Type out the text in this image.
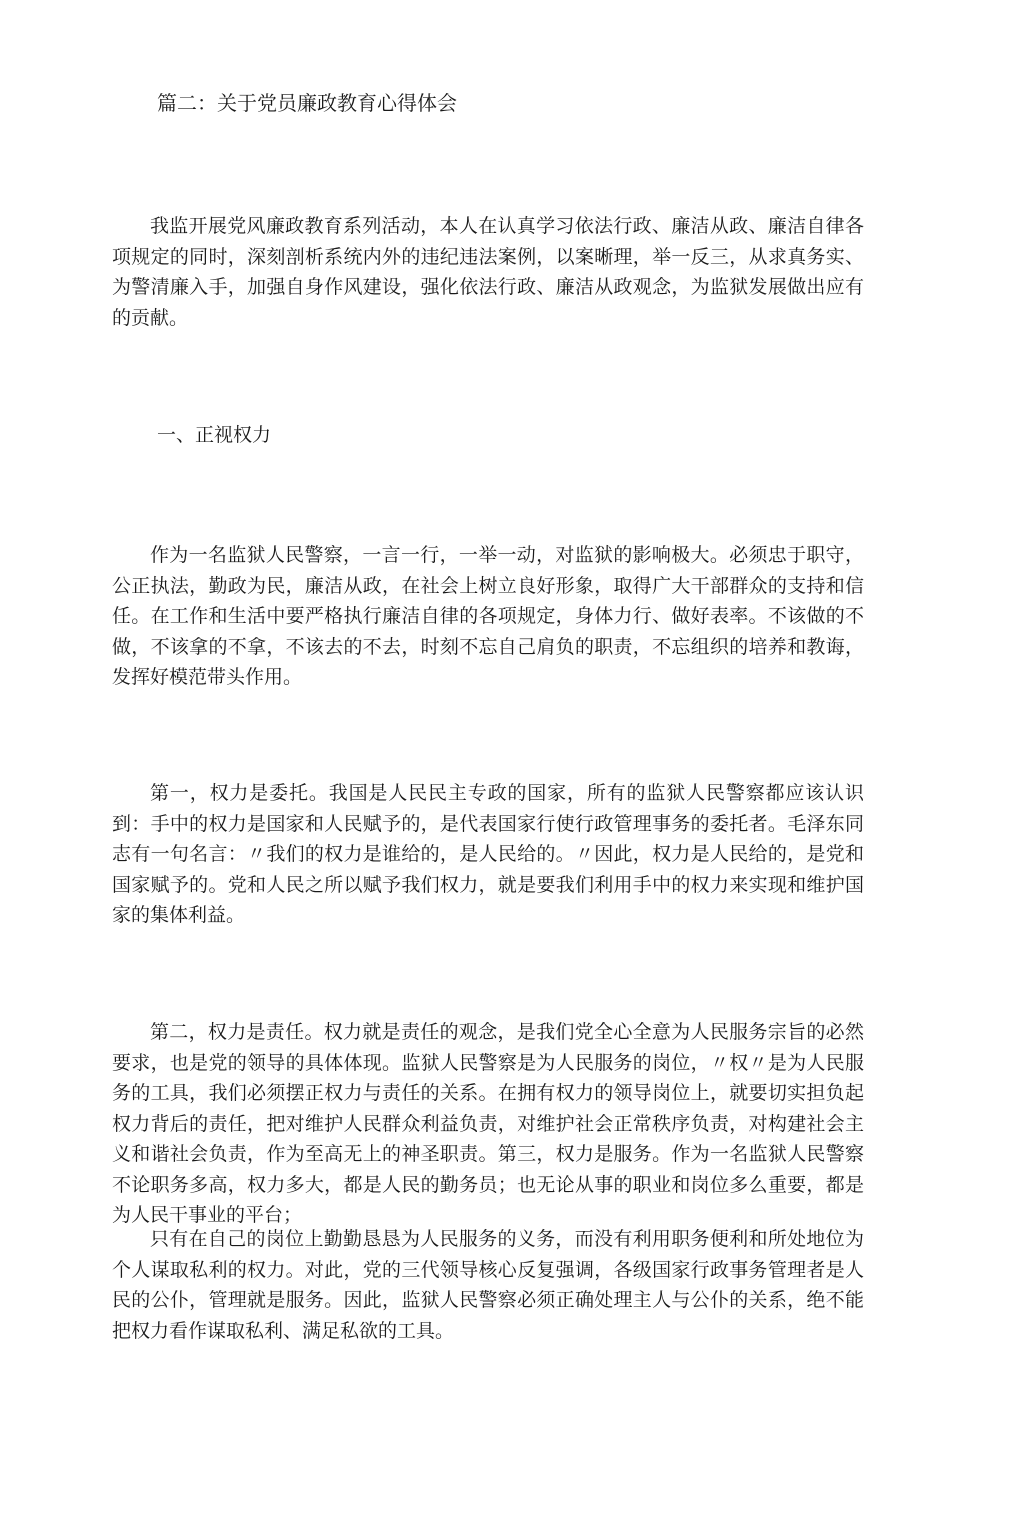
篇二：关于党员廉政教育心得体会

我监开展党风廉政教育系列活动，本人在认真学习依法行政、廉洁从政、廉洁自律各项规定的同时，深刻剖析系统内外的违纪违法案例，以案晰理，举一反三，从求真务实、为警清廉入手，加强自身作风建设，强化依法行政、廉洁从政观念，为监狱发展做出应有的贡献。

一、正视权力

作为一名监狱人民警察，一言一行，一举一动，对监狱的影响极大。必须忠于职守，公正执法，勤政为民，廉洁从政，在社会上树立良好形象，取得广大干部群众的支持和信任。在工作和生活中要严格执行廉洁自律的各项规定，身体力行、做好表率。不该做的不做，不该拿的不拿，不该去的不去，时刻不忘自己肩负的职责，不忘组织的培养和教诲，发挥好模范带头作用。

第一，权力是委托。我国是人民民主专政的国家，所有的监狱人民警察都应该认识到：手中的权力是国家和人民赋予的，是代表国家行使行政管理事务的委托者。毛泽东同志有一句名言：〃我们的权力是谁给的，是人民给的。〃因此，权力是人民给的，是党和国家赋予的。党和人民之所以赋予我们权力，就是要我们利用手中的权力来实现和维护国家的集体利益。

第二，权力是责任。权力就是责任的观念，是我们党全心全意为人民服务宗旨的必然要求，也是党的领导的具体体现。监狱人民警察是为人民服务的岗位，〃权〃是为人民服务的工具，我们必须摆正权力与责任的关系。在拥有权力的领导岗位上，就要切实担负起权力背后的责任，把对维护人民群众利益负责，对维护社会正常秩序负责，对构建社会主义和谐社会负责，作为至高无上的神圣职责。第三，权力是服务。作为一名监狱人民警察不论职务多高，权力多大，都是人民的勤务员；也无论从事的职业和岗位多么重要，都是为人民干事业的平台；

只有在自己的岗位上勤勤恳恳为人民服务的义务，而没有利用职务便利和所处地位为个人谋取私利的权力。对此，党的三代领导核心反复强调，各级国家行政事务管理者是人民的公仆，管理就是服务。因此，监狱人民警察必须正确处理主人与公仆的关系，绝不能把权力看作谋取私利、满足私欲的工具。
